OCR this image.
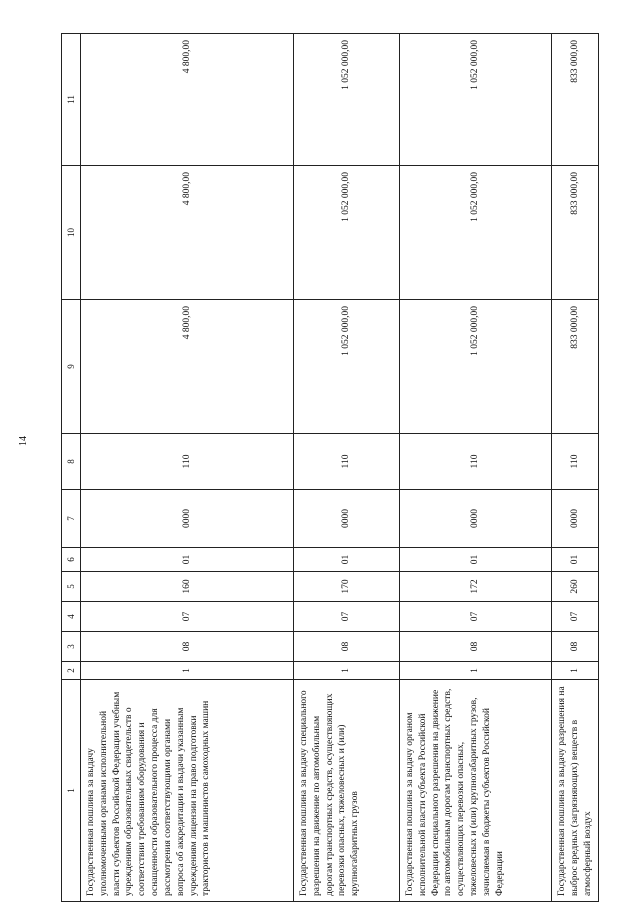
14
1	2	3	4	5	6	7	8	9	10	11
Государственная пошлина за выдачу уполномоченными органами исполнительной власти субъектов Российской Федерации учебным учреждениям образовательных свидетельств о соответствии требованиям оборудования и оснащенности образовательного процесса для рассмотрения соответствующими органами вопроса об аккредитации и выдачи указанным учреждениям лицензии на право подготовки трактористов и машинистов самоходных машин	1	08	07	160	01	0000	110	4 800,00	4 800,00	4 800,00
Государственная пошлина за выдачу специального разрешения на движение по автомобильным дорогам транспортных средств, осуществляющих перевозки опасных, тяжеловесных и (или) крупногабаритных грузов	1	08	07	170	01	0000	110	1 052 000,00	1 052 000,00	1 052 000,00
Государственная пошлина за выдачу органом исполнительной власти субъекта Российской Федерации специального разрешения на движение по автомобильным дорогам транспортных средств, осуществляющих перевозки опасных, тяжеловесных и (или) крупногабаритных грузов, зачисляемая в бюджеты субъектов Российской Федерации	1	08	07	172	01	0000	110	1 052 000,00	1 052 000,00	1 052 000,00
Государственная пошлина за выдачу разрешения на выброс вредных (загрязняющих) веществ в атмосферный воздух	1	08	07	260	01	0000	110	833 000,00	833 000,00	833 000,00
